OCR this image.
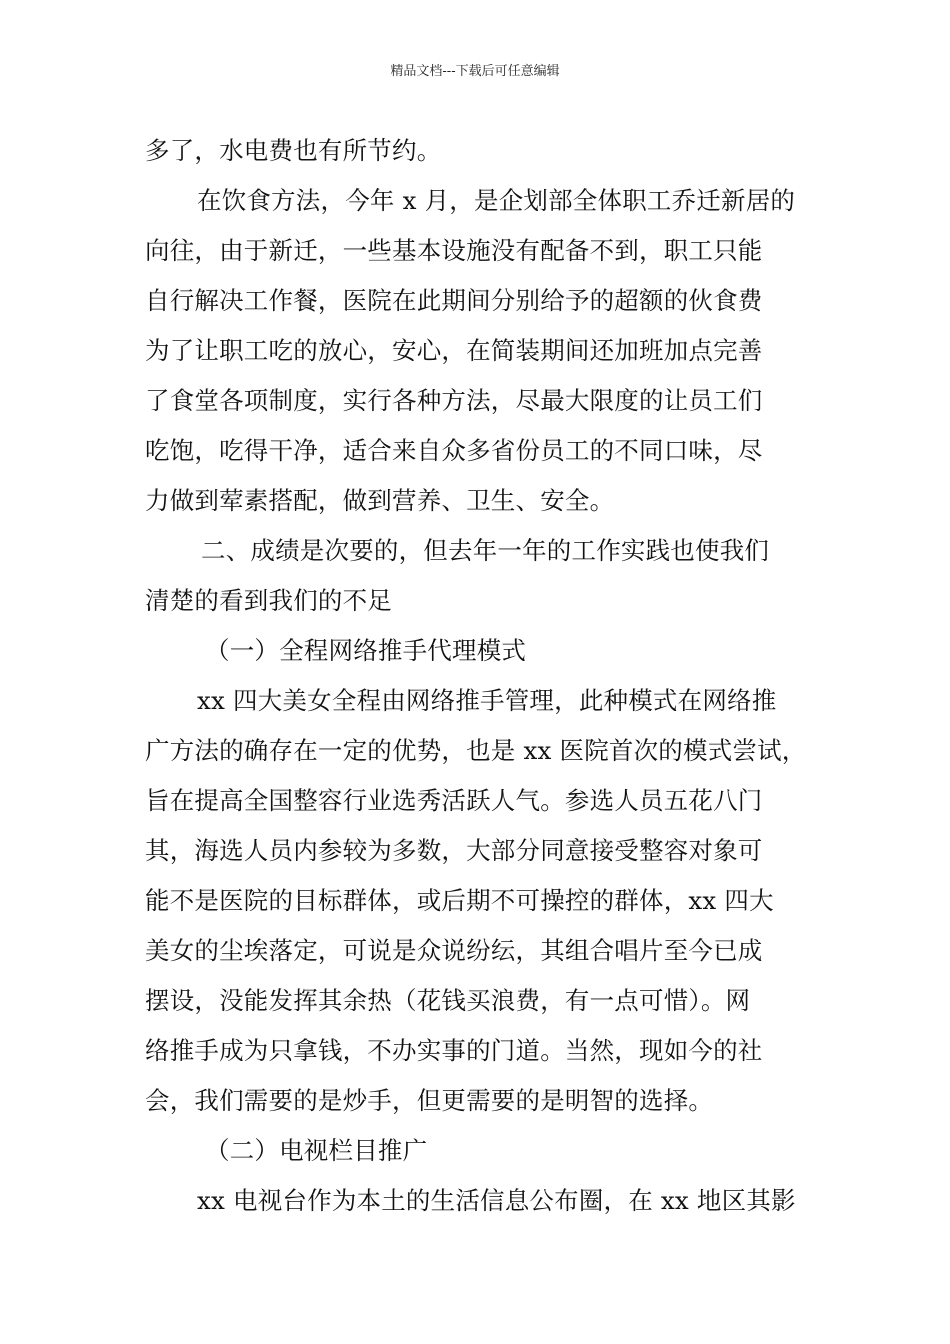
精品文档---下载后可任意编辑
多了，水电费也有所节约。
在饮食方法，今年 x 月，是企划部全体职工乔迁新居的
向往，由于新迁，一些基本设施没有配备不到，职工只能
自行解决工作餐，医院在此期间分别给予的超额的伙食费
为了让职工吃的放心，安心，在简装期间还加班加点完善
了食堂各项制度，实行各种方法，尽最大限度的让员工们
吃饱，吃得干净，适合来自众多省份员工的不同口味，尽
力做到荤素搭配，做到营养、卫生、安全。
二、成绩是次要的，但去年一年的工作实践也使我们
清楚的看到我们的不足
（一）全程网络推手代理模式
xx 四大美女全程由网络推手管理，此种模式在网络推
广方法的确存在一定的优势，也是 xx 医院首次的模式尝试，
旨在提高全国整容行业选秀活跃人气。参选人员五花八门
其，海选人员内参较为多数，大部分同意接受整容对象可
能不是医院的目标群体，或后期不可操控的群体，xx 四大
美女的尘埃落定，可说是众说纷纭，其组合唱片至今已成
摆设，没能发挥其余热（花钱买浪费，有一点可惜）。网
络推手成为只拿钱，不办实事的门道。当然，现如今的社
会，我们需要的是炒手，但更需要的是明智的选择。
（二）电视栏目推广
xx 电视台作为本土的生活信息公布圈，在 xx 地区其影
